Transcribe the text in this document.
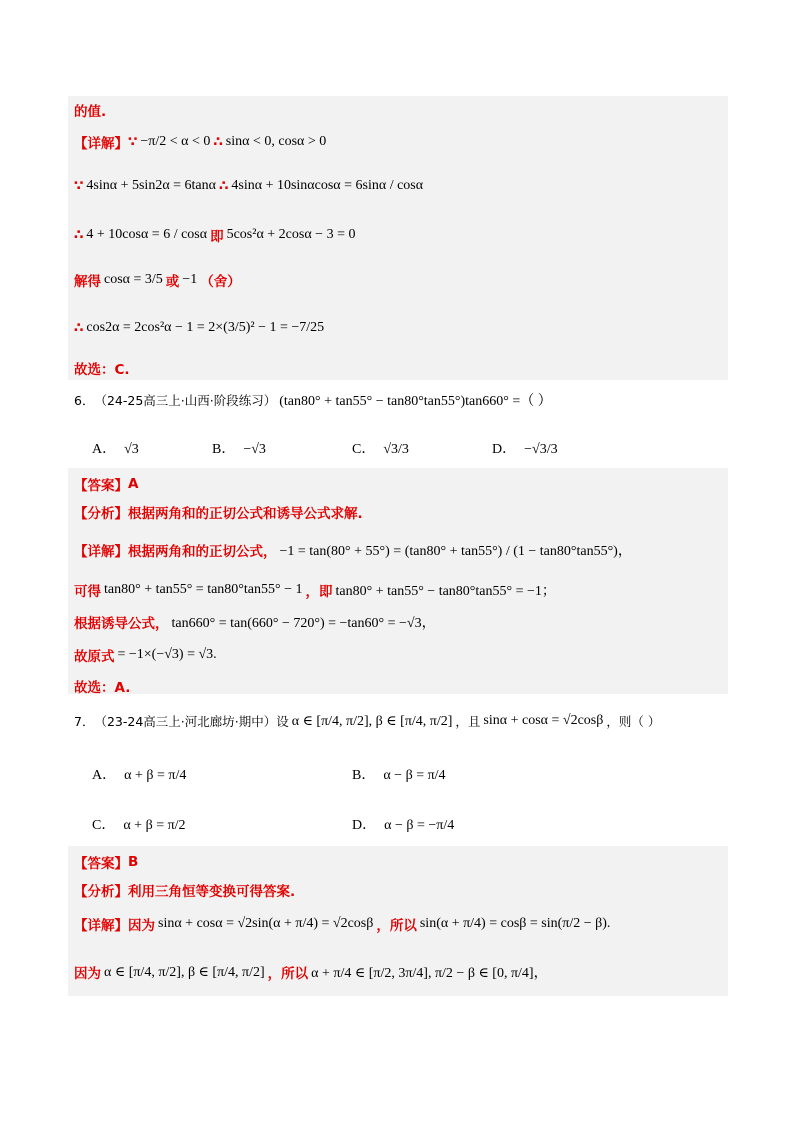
的值.
【详解】 ∵ −π/2 < α < 0 ∴ sinα < 0, cosα > 0
∵ 4sinα + 5sin2α = 6tanα ∴ 4sinα + 10sinαcosα = 6sinα / cosα
∴ 4 + 10cosα = 6 / cosα 即 5cos²α + 2cosα − 3 = 0
解得 cosα = 3/5 或 −1 （舍）
∴ cos2α = 2cos²α − 1 = 2×(3/5)² − 1 = −7/25
故选：C.
6． （24-25高三上·山西·阶段练习） (tan80° + tan55° − tan80°tan55°)tan660° =（ ）
A． √3	B． −√3	C． √3/3	D． −√3/3
【答案】 A
【分析】 根据两角和的正切公式和诱导公式求解.
【详解】 根据两角和的正切公式， −1 = tan(80° + 55°) = (tan80° + tan55°) / (1 − tan80°tan55°)，
可得 tan80° + tan55° = tan80°tan55° − 1 ，即 tan80° + tan55° − tan80°tan55° = −1；
根据诱导公式， tan660° = tan(660° − 720°) = −tan60° = −√3，
故原式 = −1×(−√3) = √3.
故选：A.
7． （23-24高三上·河北廊坊·期中）设 α ∈ [π/4, π/2], β ∈ [π/4, π/2] ，且 sinα + cosα = √2cosβ ，则（ ）
A． α + β = π/4	B． α − β = π/4
C． α + β = π/2	D． α − β = −π/4
【答案】 B
【分析】 利用三角恒等变换可得答案.
【详解】 因为 sinα + cosα = √2sin(α + π/4) = √2cosβ ，所以 sin(α + π/4) = cosβ = sin(π/2 − β).
因为 α ∈ [π/4, π/2], β ∈ [π/4, π/2] ，所以 α + π/4 ∈ [π/2, 3π/4], π/2 − β ∈ [0, π/4]，
